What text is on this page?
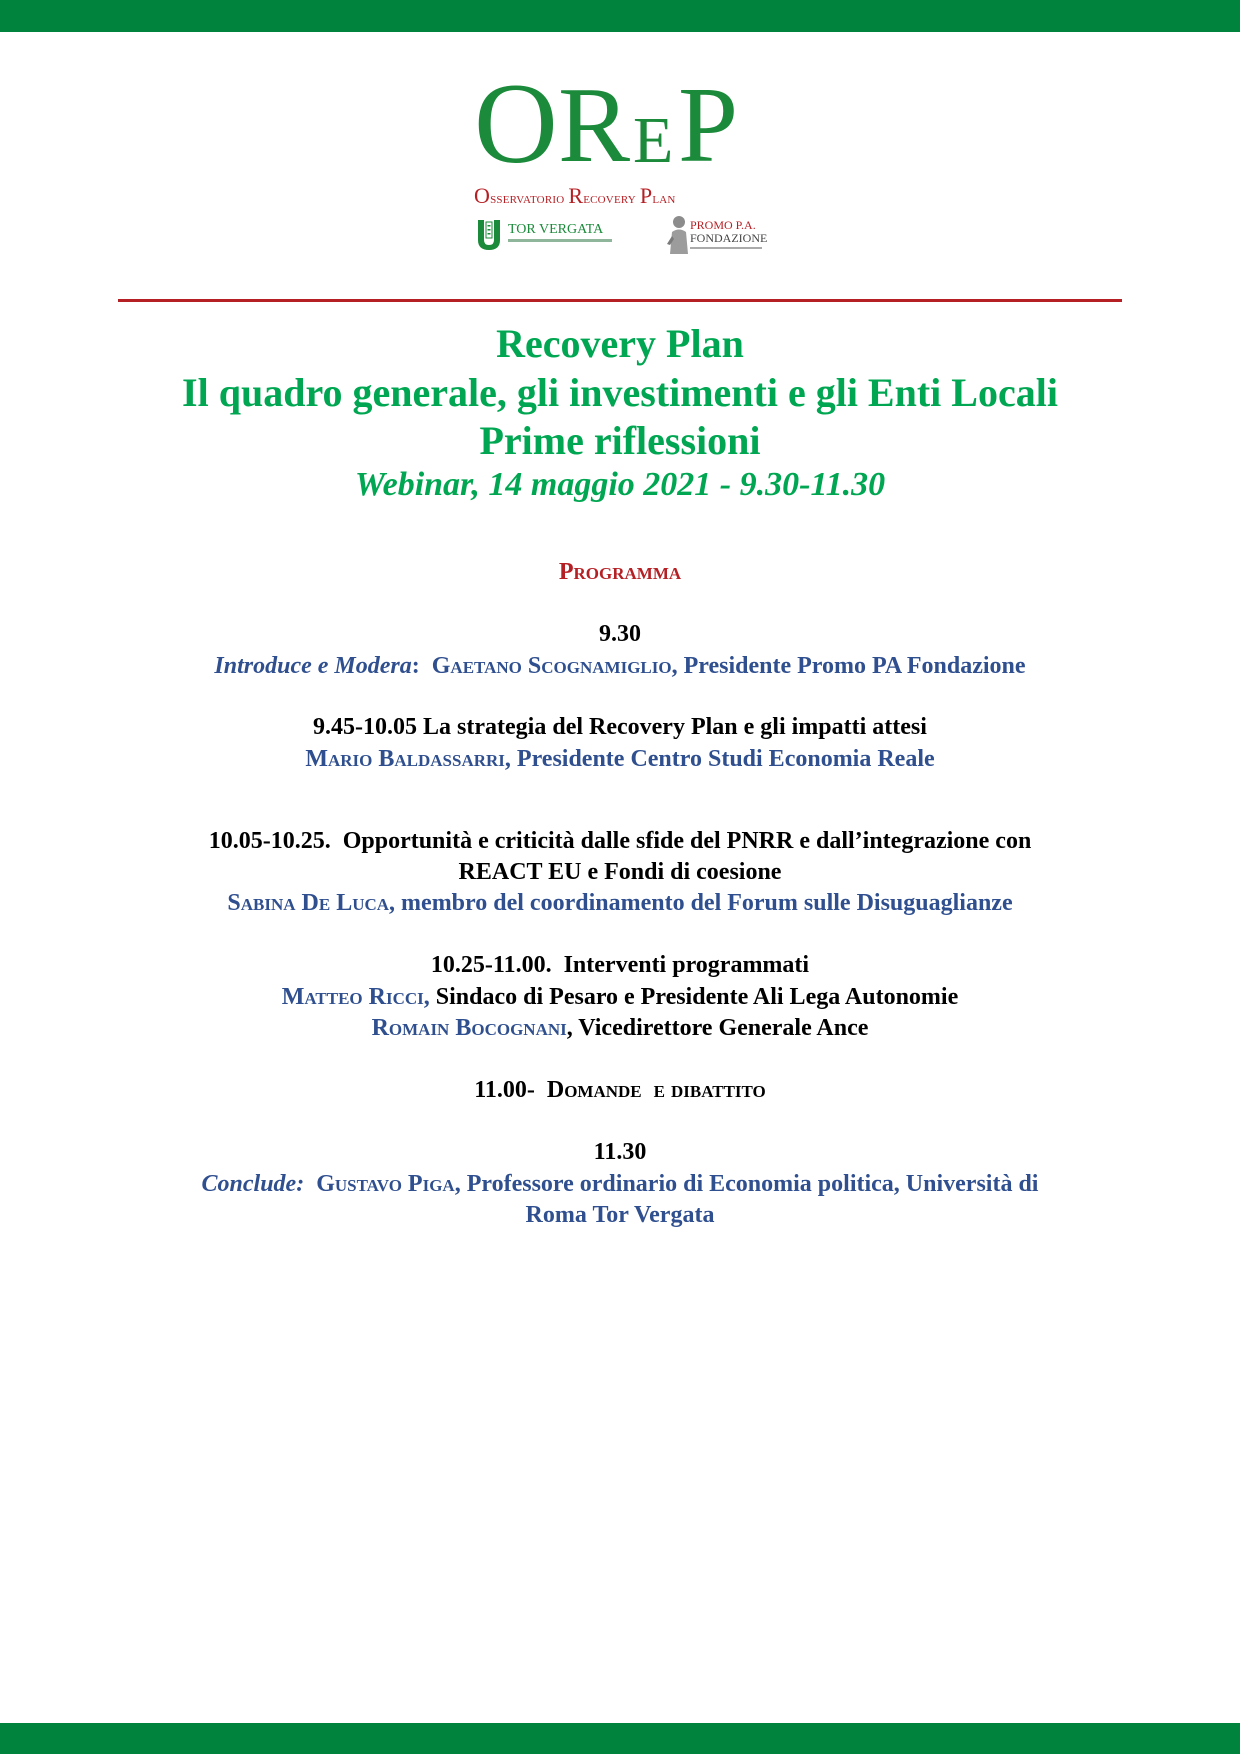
O R E P
Osservatorio Recovery Plan
TOR VERGATA	PROMO P.A.
FONDAZIONE
Recovery Plan
Il quadro generale, gli investimenti e gli Enti Locali
Prime riflessioni
Webinar, 14 maggio 2021 - 9.30-11.30
Programma
9.30
Introduce e Modera: Gaetano Scognamiglio, Presidente Promo PA Fondazione
9.45-10.05 La strategia del Recovery Plan e gli impatti attesi
Mario Baldassarri, Presidente Centro Studi Economia Reale
10.05-10.25. Opportunità e criticità dalle sfide del PNRR e dall’integrazione con
REACT EU e Fondi di coesione
Sabina De Luca, membro del coordinamento del Forum sulle Disuguaglianze
10.25-11.00. Interventi programmati
Matteo Ricci, Sindaco di Pesaro e Presidente Ali Lega Autonomie
Romain Bocognani, Vicedirettore Generale Ance
11.00- Domande  e dibattito
11.30
Conclude: Gustavo Piga, Professore ordinario di Economia politica, Università di
Roma Tor Vergata
